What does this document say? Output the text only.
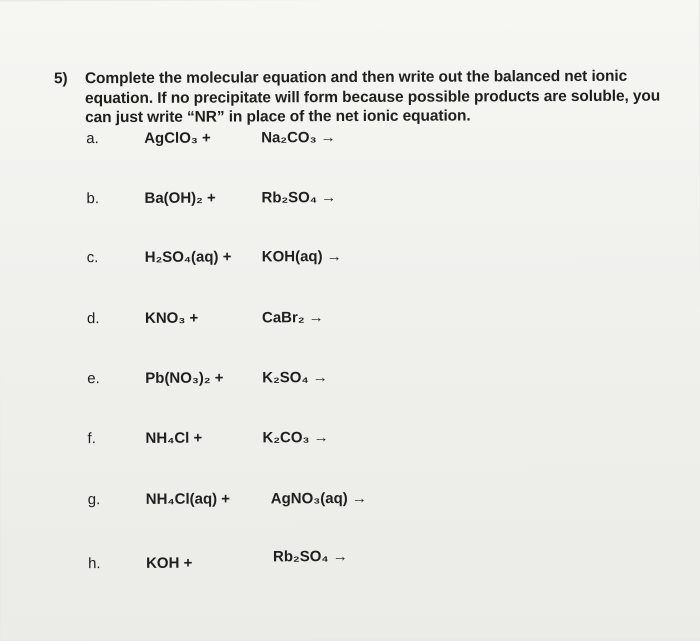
5) Complete the molecular equation and then write out the balanced net ionic equation. If no precipitate will form because possible products are soluble, you can just write “NR” in place of the net ionic equation.
a.	AgClO₃ +	Na₂CO₃ →
b.	Ba(OH)₂ +	Rb₂SO₄ →
c.	H₂SO₄(aq) + KOH(aq) →
d.	KNO₃ +	CaBr₂ →
e.	Pb(NO₃)₂ +	K₂SO₄ →
f.	NH₄Cl +	K₂CO₃ →
g.	NH₄Cl(aq) +	AgNO₃(aq) →
h.	KOH +	Rb₂SO₄ →
